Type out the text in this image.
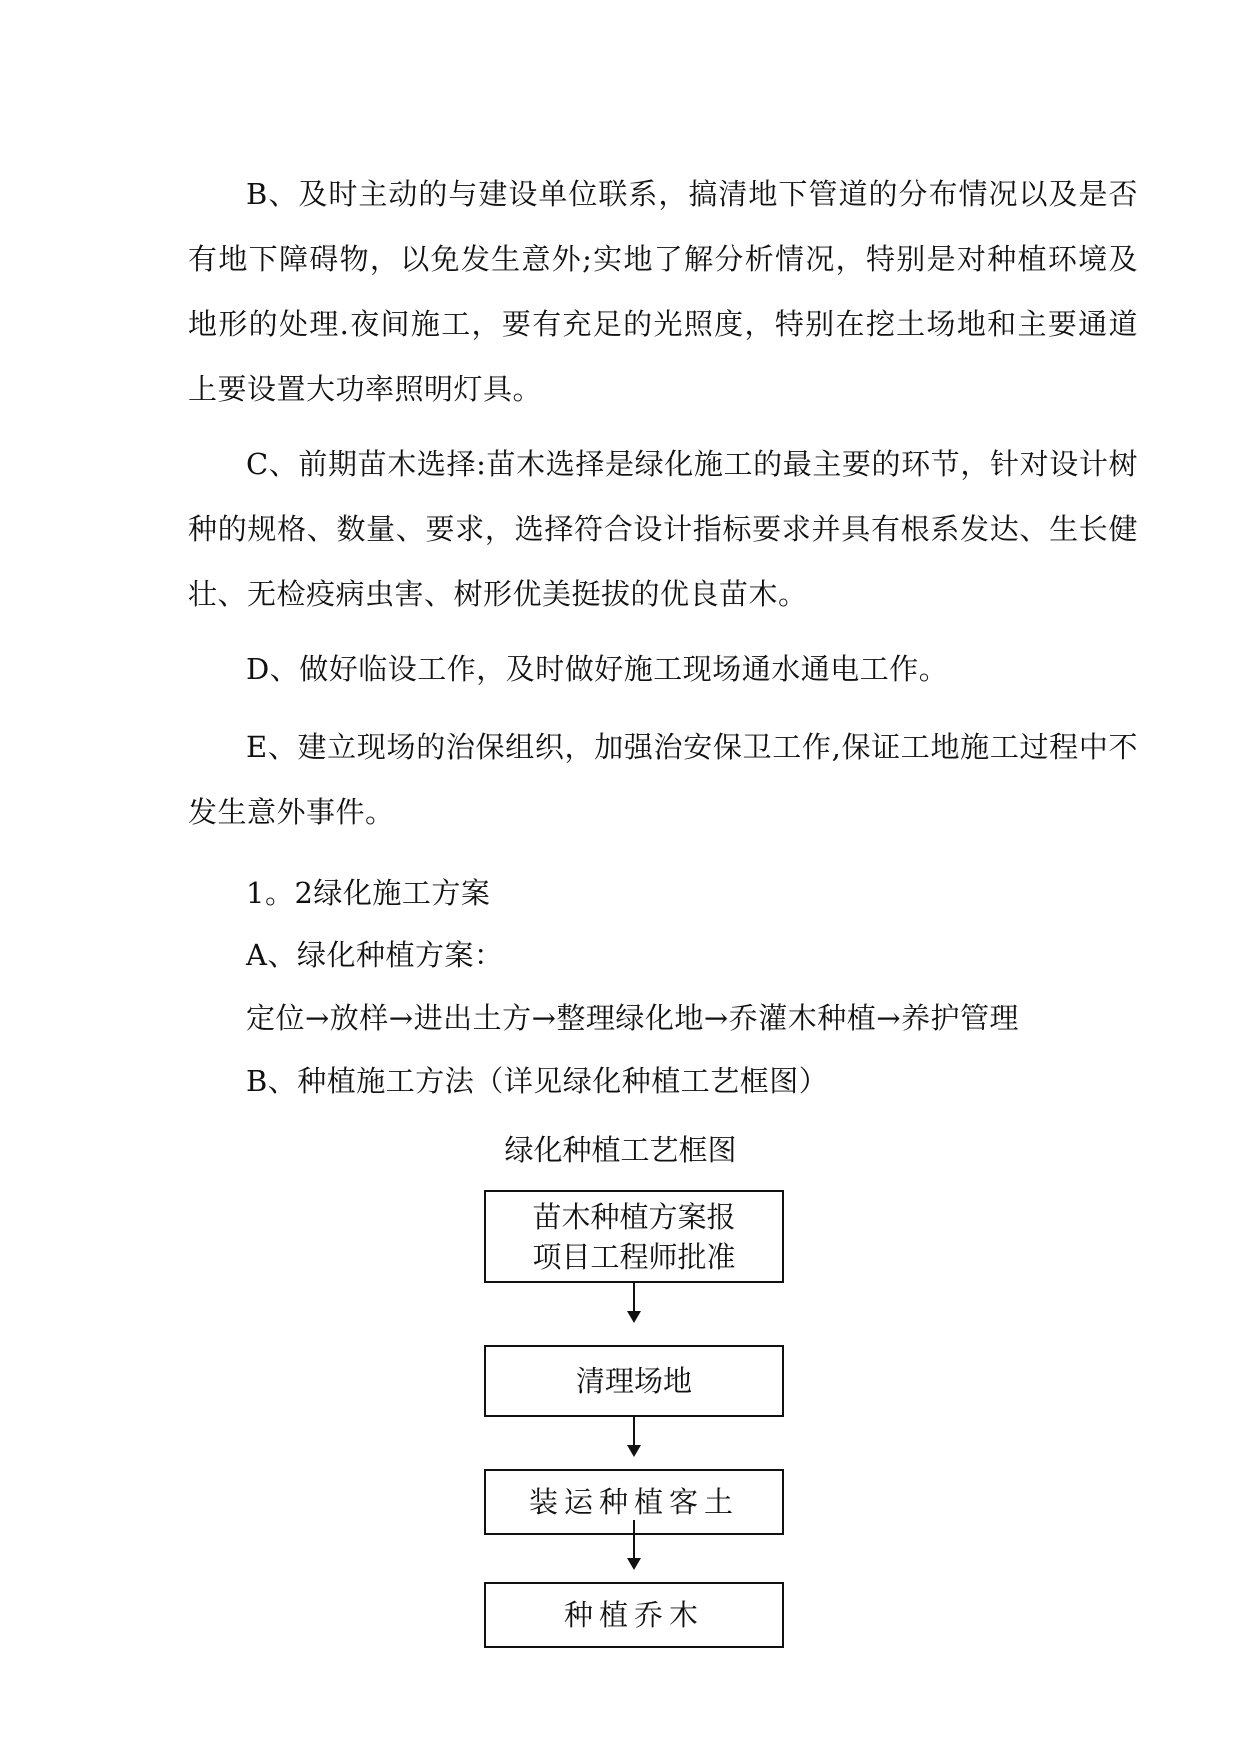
B、及时主动的与建设单位联系，搞清地下管道的分布情况以及是否有地下障碍物，以免发生意外;实地了解分析情况，特别是对种植环境及地形的处理.夜间施工，要有充足的光照度，特别在挖土场地和主要通道上要设置大功率照明灯具。

C、前期苗木选择:苗木选择是绿化施工的最主要的环节，针对设计树种的规格、数量、要求，选择符合设计指标要求并具有根系发达、生长健壮、无检疫病虫害、树形优美挺拔的优良苗木。

D、做好临设工作，及时做好施工现场通水通电工作。

E、建立现场的治保组织，加强治安保卫工作,保证工地施工过程中不发生意外事件。

1。2绿化施工方案

A、绿化种植方案：

定位→放样→进出土方→整理绿化地→乔灌木种植→养护管理

B、种植施工方法（详见绿化种植工艺框图）

绿化种植工艺框图
苗木种植方案报
项目工程师批准
清理场地
装运种植客土
种植乔木
